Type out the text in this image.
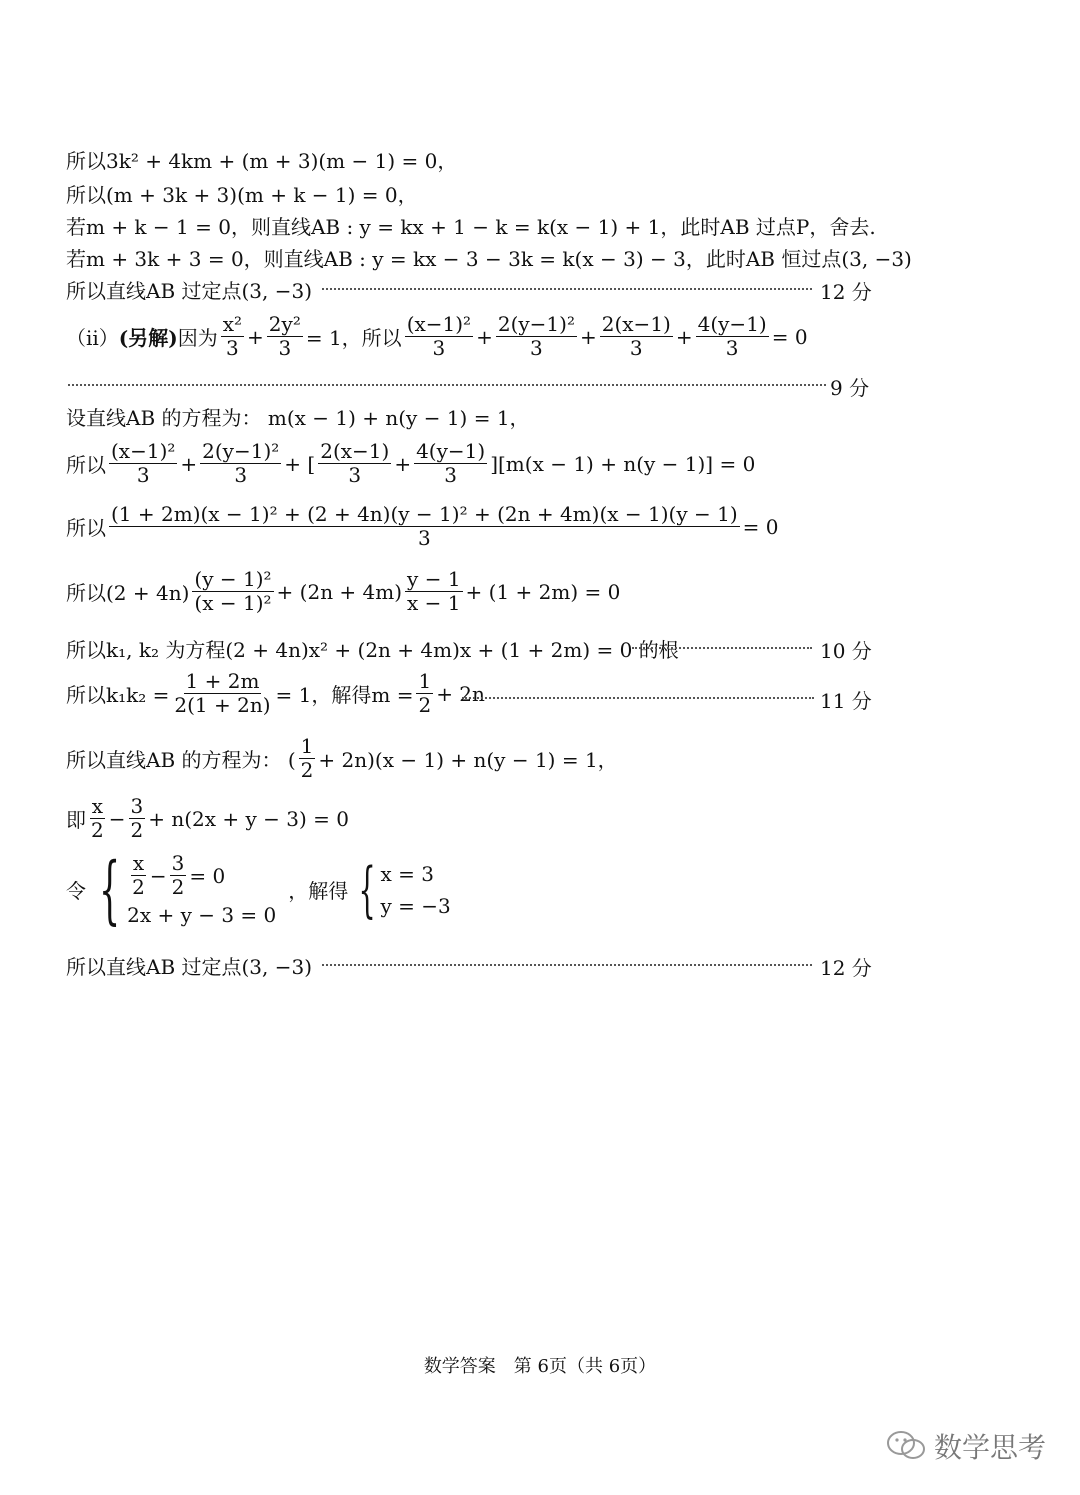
所以3k² + 4km + (m + 3)(m − 1) = 0，
所以(m + 3k + 3)(m + k − 1) = 0，
若m + k − 1 = 0，则直线AB : y = kx + 1 − k = k(x − 1) + 1，此时AB 过点P，舍去.
若m + 3k + 3 = 0，则直线AB : y = kx − 3 − 3k = k(x − 3) − 3，此时AB 恒过点(3, −3)
所以直线AB 过定点(3, −3)	12 分
（ⅱ） (另解) 因为 $\frac{\text{x²}}{3} + \frac{\text{2y²}}{3} = 1$，所以 $\frac{\text{(x−1)²}}{3} + \frac{\text{2(y−1)²}}{3} + \frac{2(x-1)}{3} + \frac{4(y-1)}{3} = 0$
9 分
设直线AB 的方程为： m(x − 1) + n(y − 1) = 1，
所以 $\frac{\text{(x−1)²}}{3} + \frac{\text{2(y−1)²}}{3}$ + [ $\frac{2(x-1)}{3} + \frac{4(y-1)}{3} ][m(x - 1) + n(y - 1)] = 0$
所以
(1 + 2m)(x − 1)² + (2 + 4n)(y − 1)² + (2n + 4m)(x − 1)(y − 1)
3	= 0
所以$(2 + 4n) \frac{\text{(y − 1)²}}{\text{(x − 1)²}} + (2n + 4m) \frac{y - 1}{x - 1} + (1 + 2m) = 0$
所以k₁, k₂ 为方程(2 + 4n)x² + (2n + 4m)x + (1 + 2m) = 0 的根	10 分
所以$k_1k_2 = \frac{1 + 2m}{2(1 + 2n)} = 1$，解得$m = \frac{1}{2} + 2n$	11 分
所以直线AB 的方程为： ( $\frac{1}{2} + 2n)(x - 1) + n(y - 1) = 1$，
即 $\frac{x}{2} - \frac{3}{2} + n(2x + y - 3) = 0$
令 { $\frac{x}{2} - \frac{3}{2} = 0$
2x + y − 3 = 0
，解得 { x = 3
y = −3
所以直线AB 过定点(3, −3)	12 分
数学答案　第 6页（共 6页）
数学思考
